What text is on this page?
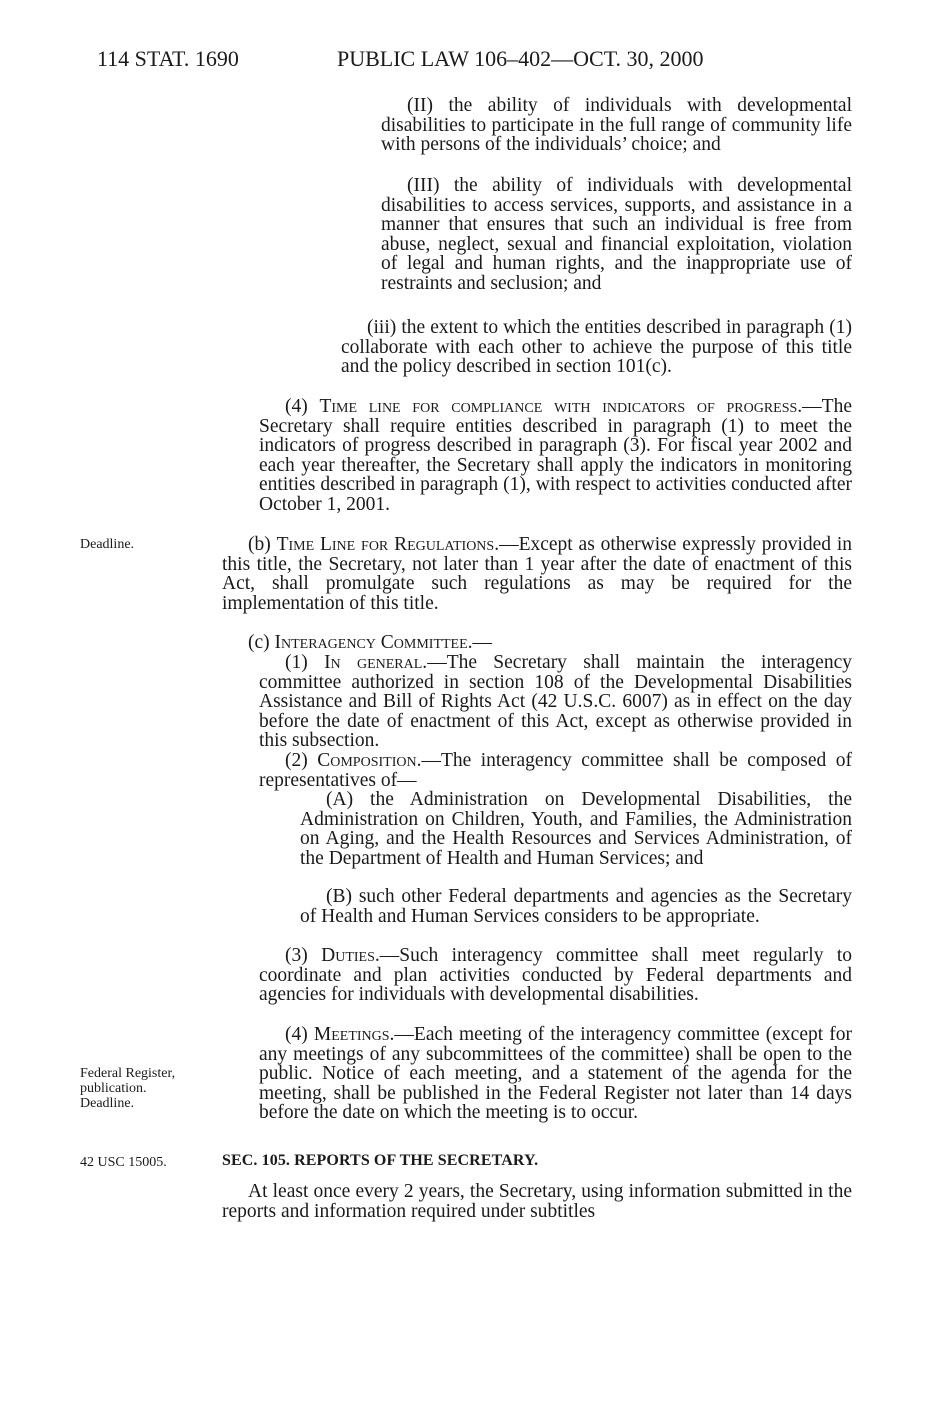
114 STAT. 1690	PUBLIC LAW 106–402—OCT. 30, 2000
Deadline.
Federal Register,
publication.
Deadline.
42 USC 15005.
(II) the ability of individuals with developmental disabilities to participate in the full range of community life with persons of the individuals’ choice; and
(III) the ability of individuals with developmental disabilities to access services, supports, and assistance in a manner that ensures that such an individual is free from abuse, neglect, sexual and financial exploitation, violation of legal and human rights, and the inappropriate use of restraints and seclusion; and
(iii) the extent to which the entities described in paragraph (1) collaborate with each other to achieve the purpose of this title and the policy described in section 101(c).
(4) Time line for compliance with indicators of progress.—The Secretary shall require entities described in paragraph (1) to meet the indicators of progress described in paragraph (3). For fiscal year 2002 and each year thereafter, the Secretary shall apply the indicators in monitoring entities described in paragraph (1), with respect to activities conducted after October 1, 2001.
(b) Time Line for Regulations.—Except as otherwise expressly provided in this title, the Secretary, not later than 1 year after the date of enactment of this Act, shall promulgate such regulations as may be required for the implementation of this title.
(c) Interagency Committee.—
(1) In general.—The Secretary shall maintain the interagency committee authorized in section 108 of the Developmental Disabilities Assistance and Bill of Rights Act (42 U.S.C. 6007) as in effect on the day before the date of enactment of this Act, except as otherwise provided in this subsection.
(2) Composition.—The interagency committee shall be composed of representatives of—
(A) the Administration on Developmental Disabilities, the Administration on Children, Youth, and Families, the Administration on Aging, and the Health Resources and Services Administration, of the Department of Health and Human Services; and
(B) such other Federal departments and agencies as the Secretary of Health and Human Services considers to be appropriate.
(3) Duties.—Such interagency committee shall meet regularly to coordinate and plan activities conducted by Federal departments and agencies for individuals with developmental disabilities.
(4) Meetings.—Each meeting of the interagency committee (except for any meetings of any subcommittees of the committee) shall be open to the public. Notice of each meeting, and a statement of the agenda for the meeting, shall be published in the Federal Register not later than 14 days before the date on which the meeting is to occur.
SEC. 105. REPORTS OF THE SECRETARY.
At least once every 2 years, the Secretary, using information submitted in the reports and information required under subtitles
